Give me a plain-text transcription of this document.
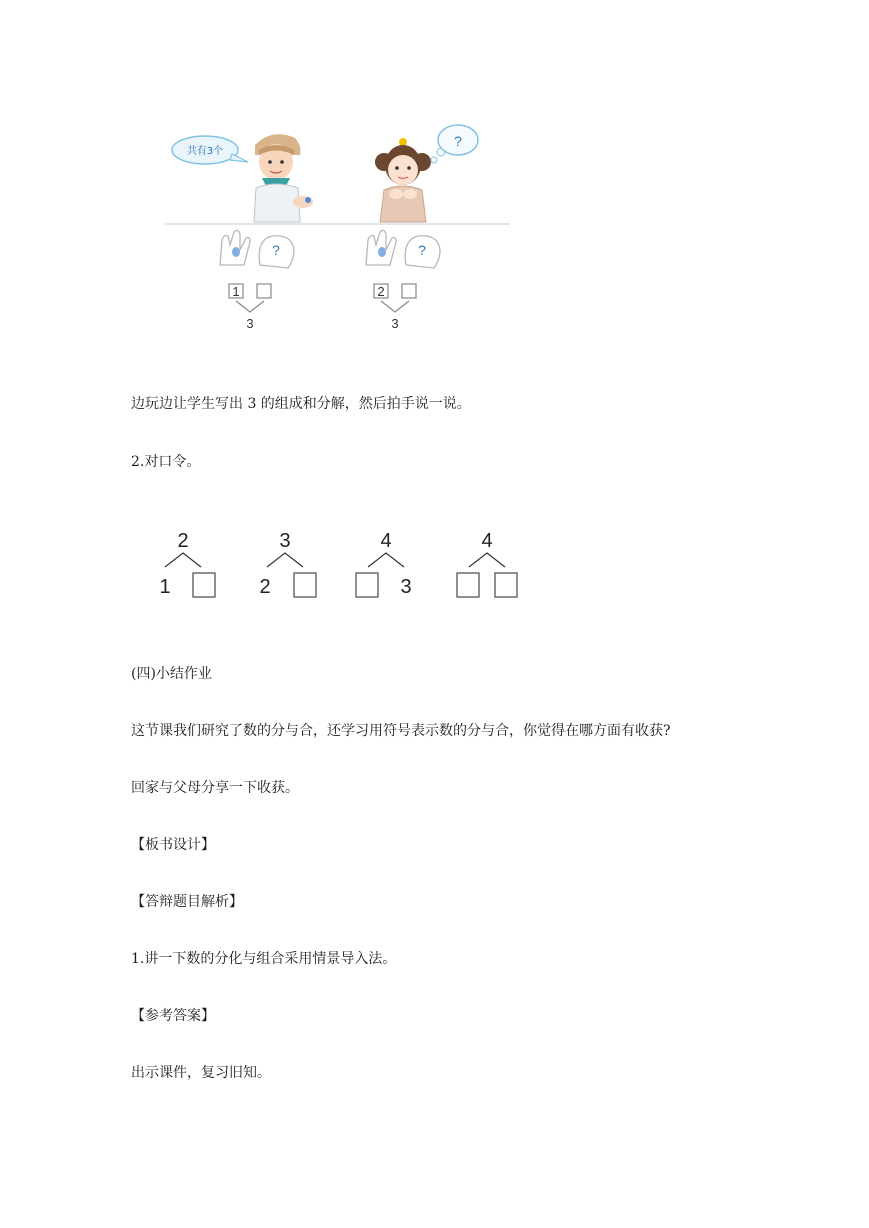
共有3个
?
?
1
3
?
2
3
边玩边让学生写出 3 的组成和分解，然后拍手说一说。
2.对口令。
2
1
3
2
4
3
4
(四)小结作业
这节课我们研究了数的分与合，还学习用符号表示数的分与合，你觉得在哪方面有收获?
回家与父母分享一下收获。
【板书设计】
【答辩题目解析】
1.讲一下数的分化与组合采用情景导入法。
【参考答案】
出示课件，复习旧知。
